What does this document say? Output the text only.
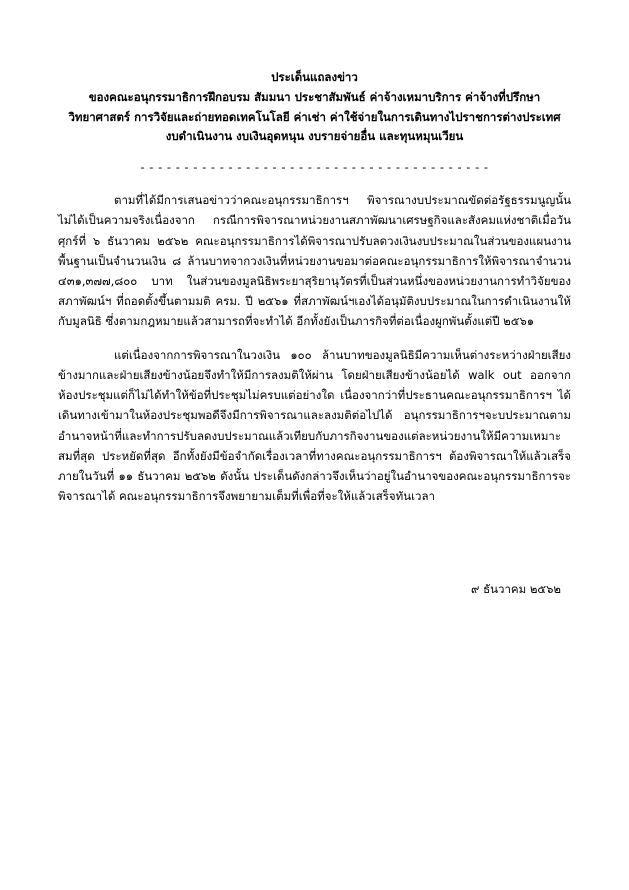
ประเด็นแถลงข่าว
ของคณะอนุกรรมาธิการฝึกอบรม สัมมนา ประชาสัมพันธ์ ค่าจ้างเหมาบริการ ค่าจ้างที่ปรึกษา
วิทยาศาสตร์ การวิจัยและถ่ายทอดเทคโนโลยี ค่าเช่า ค่าใช้จ่ายในการเดินทางไปราชการต่างประเทศ
งบดำเนินงาน งบเงินอุดหนุน งบรายจ่ายอื่น และทุนหมุนเวียน
- - - - - - - - - - - - - - - - - - - - - - - - - - - - - - - - - - - - - - - -

ตามที่ได้มีการเสนอข่าวว่าคณะอนุกรรมาธิการฯ พิจารณางบประมาณขัดต่อรัฐธรรมนูญนั้น ไม่ได้เป็นความจริงเนื่องจาก กรณีการพิจารณาหน่วยงานสภาพัฒนาเศรษฐกิจและสังคมแห่งชาติเมื่อวันศุกร์ที่ ๖ ธันวาคม ๒๕๖๒ คณะอนุกรรมาธิการได้พิจารณาปรับลดวงเงินงบประมาณในส่วนของแผนงานพื้นฐานเป็นจำนวนเงิน ๘ ล้านบาทจากวงเงินที่หน่วยงานขอมาต่อคณะอนุกรรมาธิการให้พิจารณาจำนวน ๔๓๑,๓๗๗,๘๐๐ บาท ในส่วนของมูลนิธิพระยาสุริยานุวัตรที่เป็นส่วนหนึ่งของหน่วยงานการทำวิจัยของสภาพัฒน์ฯ ที่ถอดตั้งขึ้นตามมติ ครม. ปี ๒๕๖๑ ที่สภาพัฒน์ฯเองได้อนุมัติงบประมาณในการดำเนินงานให้กับมูลนิธิ ซึ่งตามกฎหมายแล้วสามารถที่จะทำได้ อีกทั้งยังเป็นภารกิจที่ต่อเนื่องผูกพันตั้งแต่ปี ๒๕๖๑

แต่เนื่องจากการพิจารณาในวงเงิน ๑๐๐ ล้านบาทของมูลนิธิมีความเห็นต่างระหว่างฝ่ายเสียงข้างมากและฝ่ายเสียงข้างน้อยจึงทำให้มีการลงมติให้ผ่าน โดยฝ่ายเสียงข้างน้อยได้ walk out ออกจากห้องประชุมแต่ก็ไม่ได้ทำให้ข้อที่ประชุมไม่ครบแต่อย่างใด เนื่องจากว่าที่ประธานคณะอนุกรรมาธิการฯ ได้เดินทางเข้ามาในห้องประชุมพอดีจึงมีการพิจารณาและลงมติต่อไปได้ อนุกรรมาธิการฯจะบประมาณตามอำนาจหน้าที่และทำการปรับลดงบประมาณแล้วเทียบกับภารกิจงานของแต่ละหน่วยงานให้มีความเหมาะสมที่สุด ประหยัดที่สุด อีกทั้งยังมีข้อจำกัดเรื่องเวลาที่ทางคณะอนุกรรมาธิการฯ ต้องพิจารณาให้แล้วเสร็จภายในวันที่ ๑๑ ธันวาคม ๒๕๖๒ ดังนั้น ประเด็นดังกล่าวจึงเห็นว่าอยู่ในอำนาจของคณะอนุกรรมาธิการจะพิจารณาได้ คณะอนุกรรมาธิการจึงพยายามเต็มที่เพื่อที่จะให้แล้วเสร็จทันเวลา

๙ ธันวาคม ๒๕๖๒
